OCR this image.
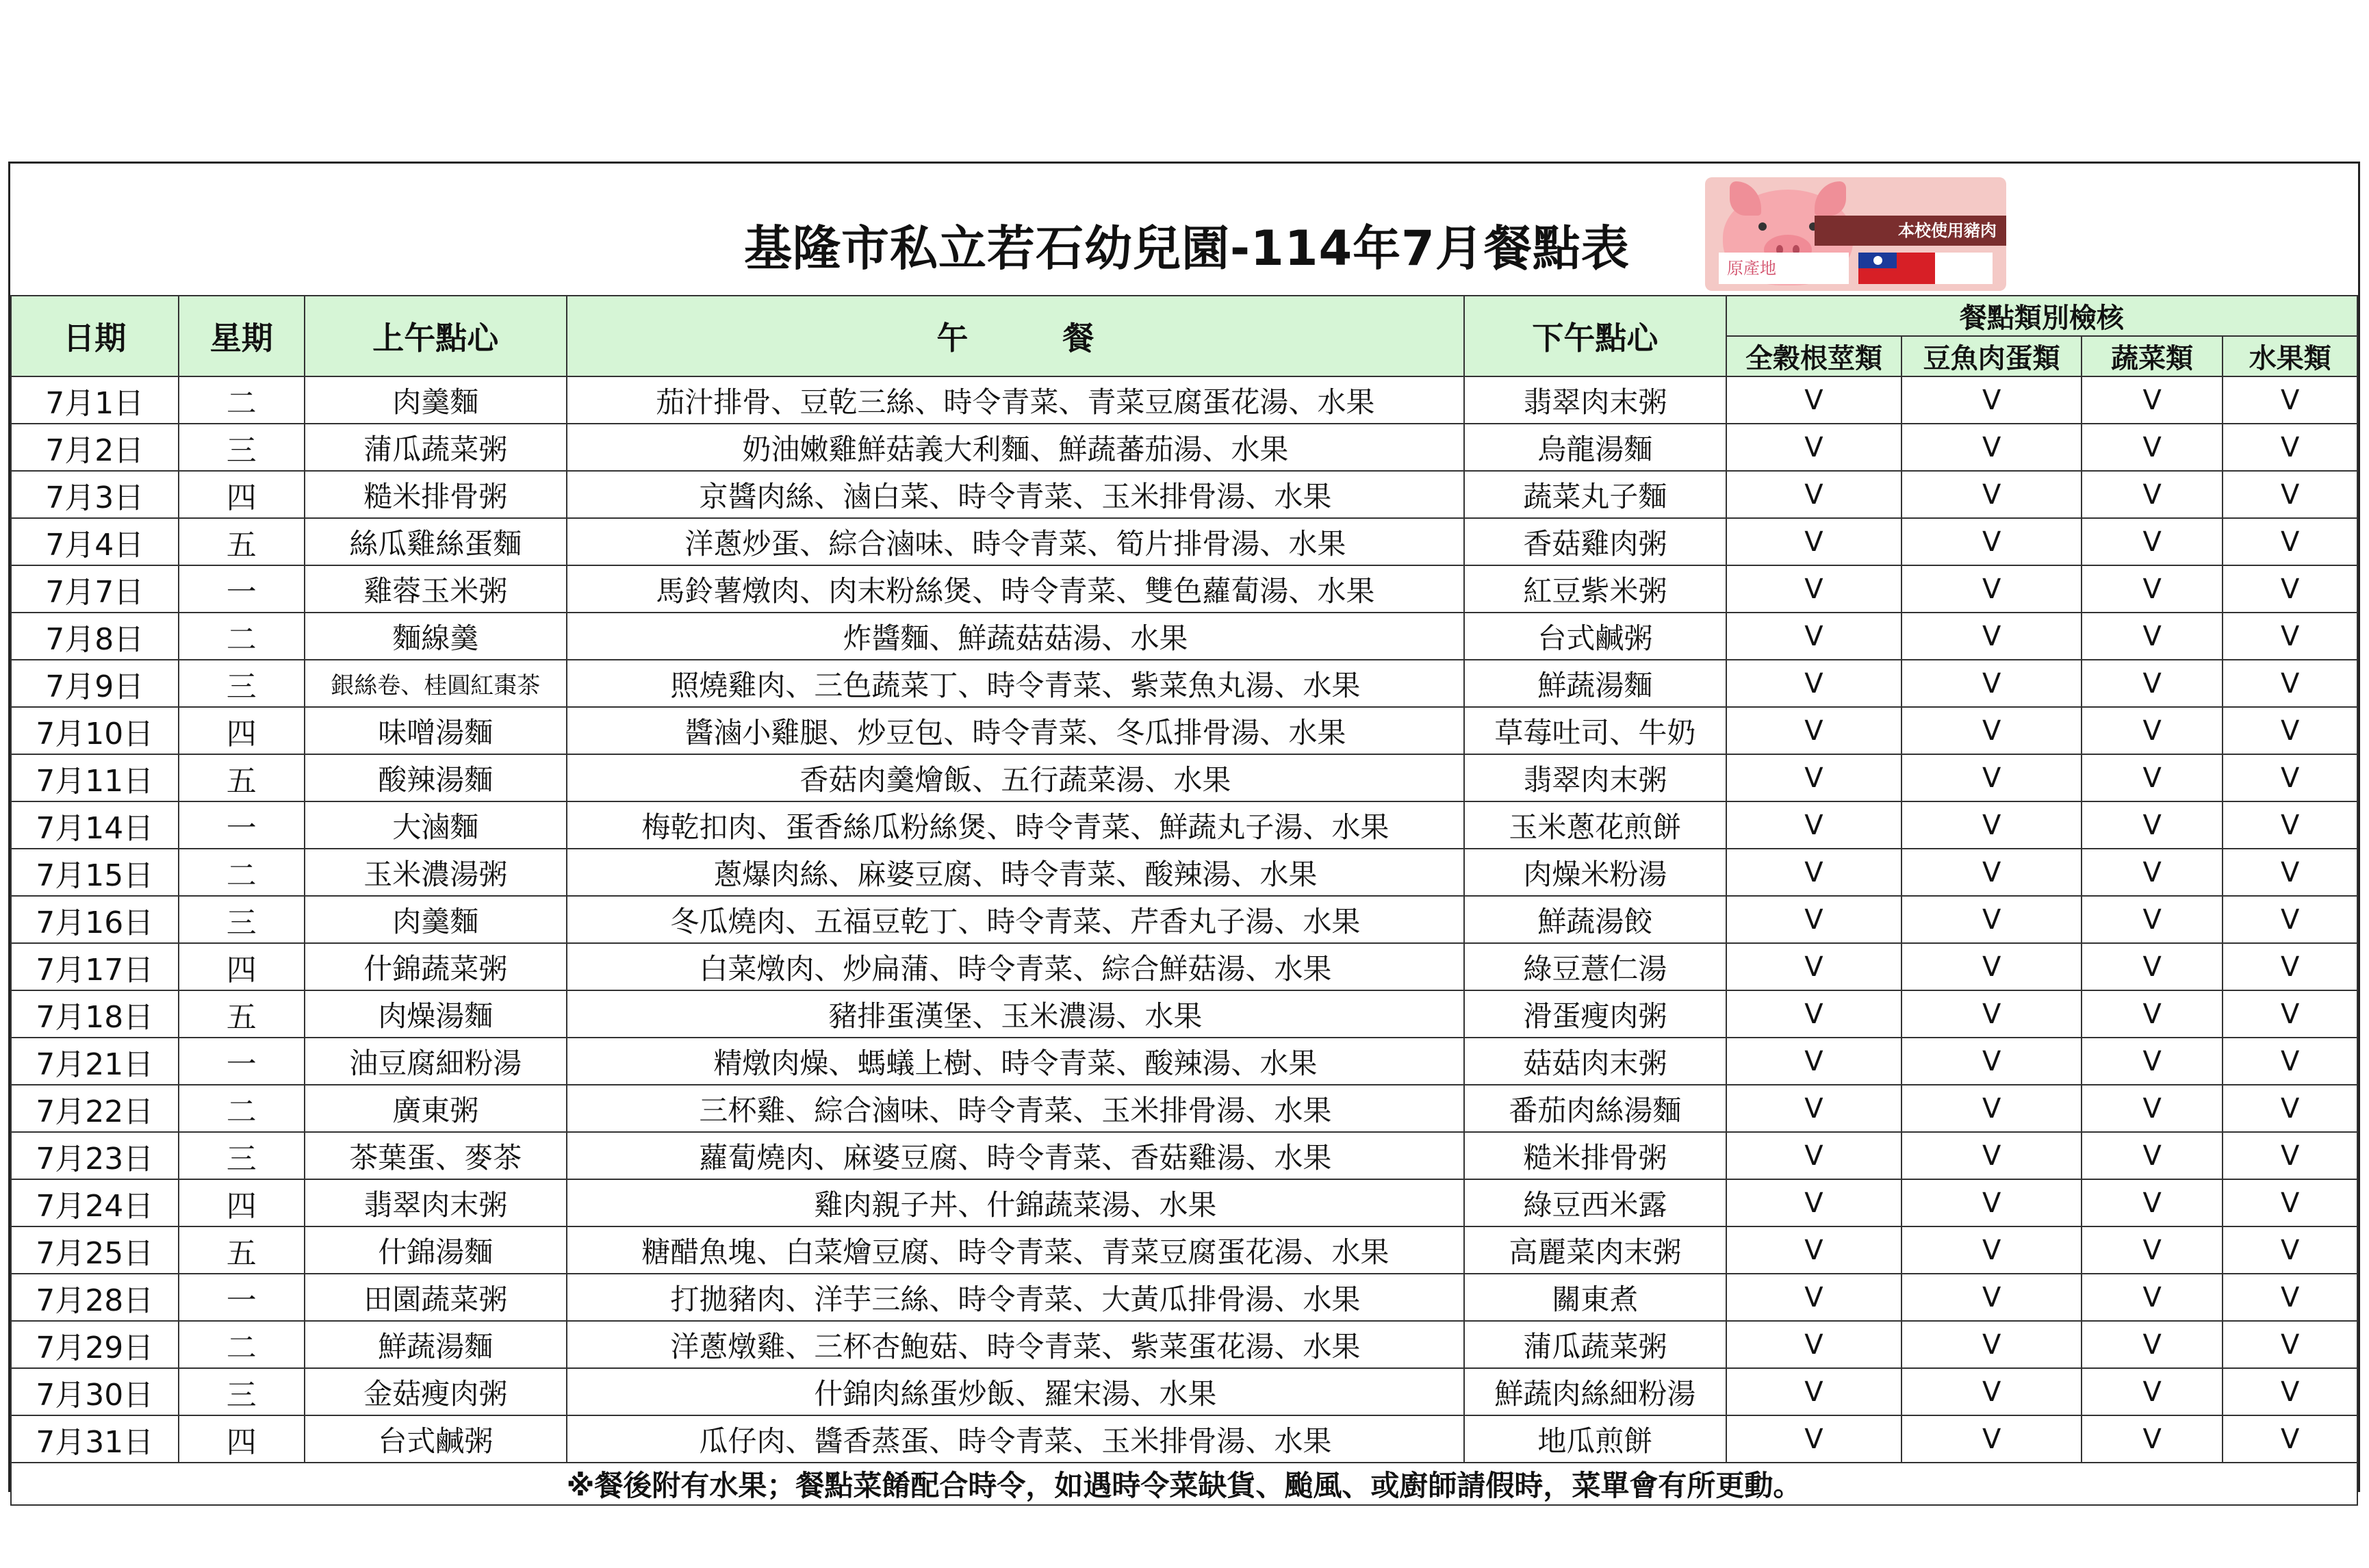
基隆市私立若石幼兒園-114年7月餐點表	本校使用豬肉
原產地
日期	星期	上午點心	午　　　餐	下午點心	餐點類別檢核			
					全穀根莖類	豆魚肉蛋類	蔬菜類	水果類
7月1日	二	肉羹麵	茄汁排骨、豆乾三絲、時令青菜、青菜豆腐蛋花湯、水果	翡翠肉末粥	V	V	V	V
7月2日	三	蒲瓜蔬菜粥	奶油嫩雞鮮菇義大利麵、鮮蔬蕃茄湯、水果	烏龍湯麵	V	V	V	V
7月3日	四	糙米排骨粥	京醬肉絲、滷白菜、時令青菜、玉米排骨湯、水果	蔬菜丸子麵	V	V	V	V
7月4日	五	絲瓜雞絲蛋麵	洋蔥炒蛋、綜合滷味、時令青菜、筍片排骨湯、水果	香菇雞肉粥	V	V	V	V
7月7日	一	雞蓉玉米粥	馬鈴薯燉肉、肉末粉絲煲、時令青菜、雙色蘿蔔湯、水果	紅豆紫米粥	V	V	V	V
7月8日	二	麵線羹	炸醬麵、鮮蔬菇菇湯、水果	台式鹹粥	V	V	V	V
7月9日	三	銀絲卷、桂圓紅棗茶	照燒雞肉、三色蔬菜丁、時令青菜、紫菜魚丸湯、水果	鮮蔬湯麵	V	V	V	V
7月10日	四	味噌湯麵	醬滷小雞腿、炒豆包、時令青菜、冬瓜排骨湯、水果	草莓吐司、牛奶	V	V	V	V
7月11日	五	酸辣湯麵	香菇肉羹燴飯、五行蔬菜湯、水果	翡翠肉末粥	V	V	V	V
7月14日	一	大滷麵	梅乾扣肉、蛋香絲瓜粉絲煲、時令青菜、鮮蔬丸子湯、水果	玉米蔥花煎餅	V	V	V	V
7月15日	二	玉米濃湯粥	蔥爆肉絲、麻婆豆腐、時令青菜、酸辣湯、水果	肉燥米粉湯	V	V	V	V
7月16日	三	肉羹麵	冬瓜燒肉、五福豆乾丁、時令青菜、芹香丸子湯、水果	鮮蔬湯餃	V	V	V	V
7月17日	四	什錦蔬菜粥	白菜燉肉、炒扁蒲、時令青菜、綜合鮮菇湯、水果	綠豆薏仁湯	V	V	V	V
7月18日	五	肉燥湯麵	豬排蛋漢堡、玉米濃湯、水果	滑蛋瘦肉粥	V	V	V	V
7月21日	一	油豆腐細粉湯	精燉肉燥、螞蟻上樹、時令青菜、酸辣湯、水果	菇菇肉末粥	V	V	V	V
7月22日	二	廣東粥	三杯雞、綜合滷味、時令青菜、玉米排骨湯、水果	番茄肉絲湯麵	V	V	V	V
7月23日	三	茶葉蛋、麥茶	蘿蔔燒肉、麻婆豆腐、時令青菜、香菇雞湯、水果	糙米排骨粥	V	V	V	V
7月24日	四	翡翠肉末粥	雞肉親子丼、什錦蔬菜湯、水果	綠豆西米露	V	V	V	V
7月25日	五	什錦湯麵	糖醋魚塊、白菜燴豆腐、時令青菜、青菜豆腐蛋花湯、水果	高麗菜肉末粥	V	V	V	V
7月28日	一	田園蔬菜粥	打拋豬肉、洋芋三絲、時令青菜、大黃瓜排骨湯、水果	關東煮	V	V	V	V
7月29日	二	鮮蔬湯麵	洋蔥燉雞、三杯杏鮑菇、時令青菜、紫菜蛋花湯、水果	蒲瓜蔬菜粥	V	V	V	V
7月30日	三	金菇瘦肉粥	什錦肉絲蛋炒飯、羅宋湯、水果	鮮蔬肉絲細粉湯	V	V	V	V
7月31日	四	台式鹹粥	瓜仔肉、醬香蒸蛋、時令青菜、玉米排骨湯、水果	地瓜煎餅	V	V	V	V
※餐後附有水果；餐點菜餚配合時令，如遇時令菜缺貨、颱風、或廚師請假時，菜單會有所更動。								
